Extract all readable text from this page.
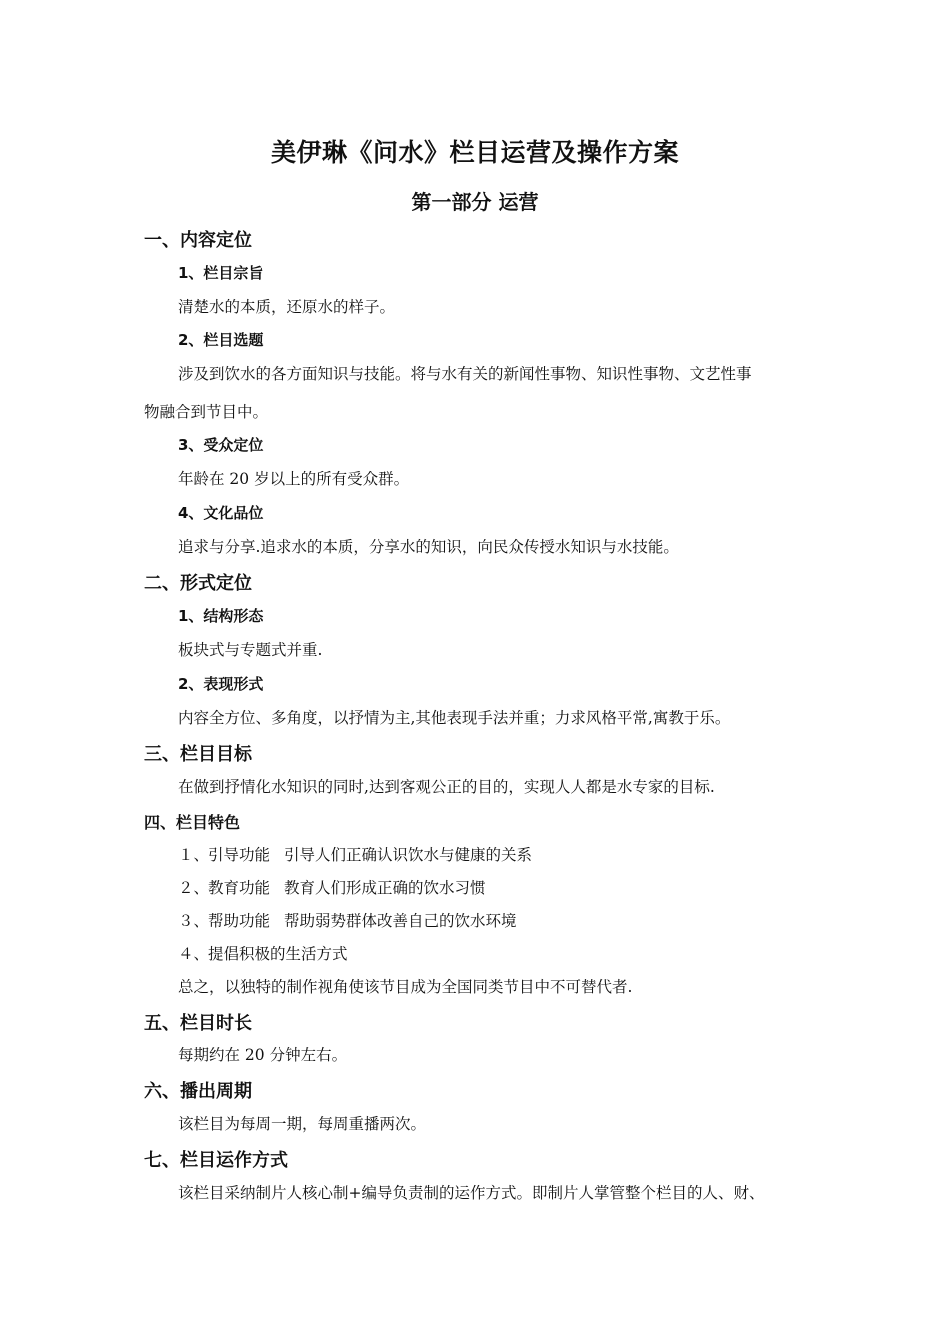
美伊琳《问水》栏目运营及操作方案
第一部分 运营
一、内容定位
1、栏目宗旨
清楚水的本质，还原水的样子。
2、栏目选题
涉及到饮水的各方面知识与技能。将与水有关的新闻性事物、知识性事物、文艺性事
物融合到节目中。
3、受众定位
年龄在 20 岁以上的所有受众群。
4、文化品位
追求与分享.追求水的本质，分享水的知识，向民众传授水知识与水技能。
二、形式定位
1、结构形态
板块式与专题式并重.
2、表现形式
内容全方位、多角度，以抒情为主,其他表现手法并重；力求风格平常,寓教于乐。
三、栏目目标
在做到抒情化水知识的同时,达到客观公正的目的，实现人人都是水专家的目标.
四、栏目特色
１、引导功能 引导人们正确认识饮水与健康的关系
２、教育功能 教育人们形成正确的饮水习惯
３、帮助功能 帮助弱势群体改善自己的饮水环境
４、提倡积极的生活方式
总之，以独特的制作视角使该节目成为全国同类节目中不可替代者.
五、栏目时长
每期约在 20 分钟左右。
六、播出周期
该栏目为每周一期，每周重播两次。
七、栏目运作方式
该栏目采纳制片人核心制+编导负责制的运作方式。即制片人掌管整个栏目的人、财、
